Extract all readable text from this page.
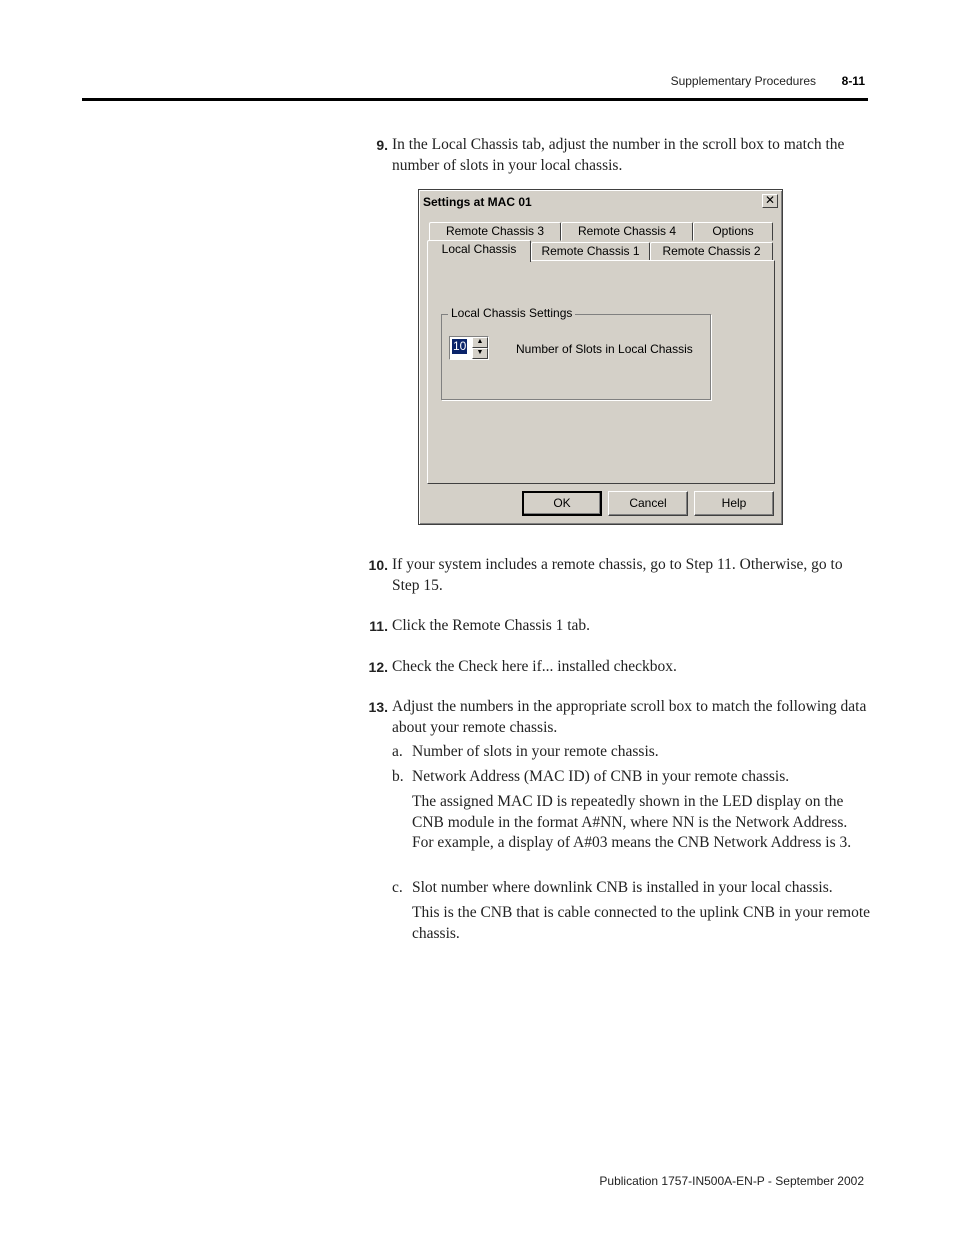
Supplementary Procedures 8-11
9. In the Local Chassis tab, adjust the number in the scroll box to match the number of slots in your local chassis.
Settings at MAC 01	✕
Remote Chassis 3	Remote Chassis 4	Options
Local Chassis	Remote Chassis 1	Remote Chassis 2
Local Chassis Settings
10	▲
▼	Number of Slots in Local Chassis
OK	Cancel	Help
10. If your system includes a remote chassis, go to Step 11. Otherwise, go to Step 15.
11. Click the Remote Chassis 1 tab.
12. Check the Check here if... installed checkbox.
13. Adjust the numbers in the appropriate scroll box to match the following data about your remote chassis.
a. Number of slots in your remote chassis.
b. Network Address (MAC ID) of CNB in your remote chassis.
The assigned MAC ID is repeatedly shown in the LED display on the CNB module in the format A#NN, where NN is the Network Address. For example, a display of A#03 means the CNB Network Address is 3.
c. Slot number where downlink CNB is installed in your local chassis.
This is the CNB that is cable connected to the uplink CNB in your remote chassis.
Publication 1757-IN500A-EN-P - September 2002
